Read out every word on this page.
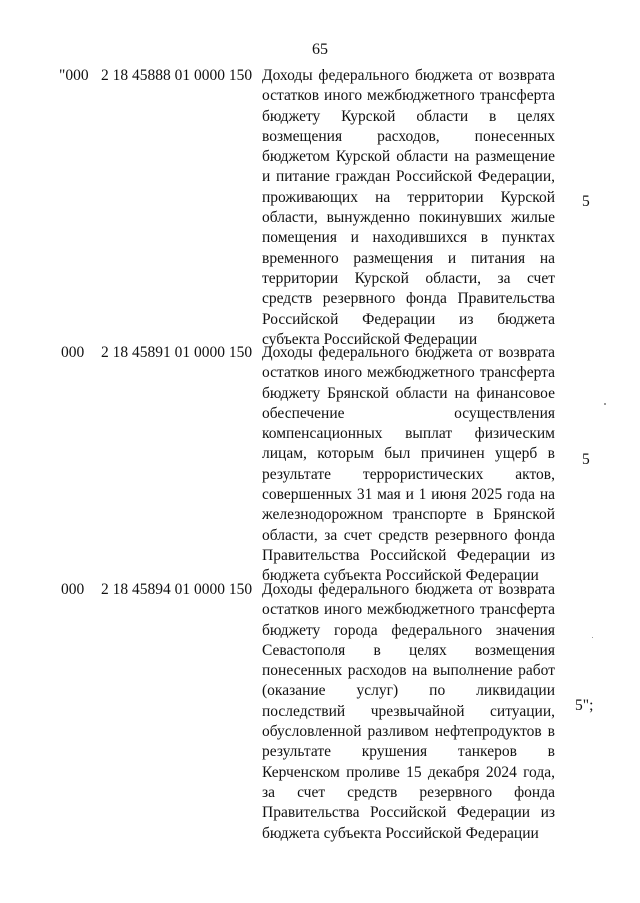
65
"000 2 18 45888 01 0000 150 Доходы федерального бюджета от возврата остатков иного межбюджетного трансферта бюджету Курской области в целях возмещения расходов, понесенных бюджетом Курской области на размещение и питание граждан Российской Федерации, проживающих на территории Курской области, вынужденно покинувших жилые помещения и находившихся в пунктах временного размещения и питания на территории Курской области, за счет средств резервного фонда Правительства Российской Федерации из бюджета субъекта Российской Федерации
5
000 2 18 45891 01 0000 150 Доходы федерального бюджета от возврата остатков иного межбюджетного трансферта бюджету Брянской области на финансовое обеспечение осуществления компенсационных выплат физическим лицам, которым был причинен ущерб в результате террористических актов, совершенных 31 мая и 1 июня 2025 года на железнодорожном транспорте в Брянской области, за счет средств резервного фонда Правительства Российской Федерации из бюджета субъекта Российской Федерации
5
000 2 18 45894 01 0000 150 Доходы федерального бюджета от возврата остатков иного межбюджетного трансферта бюджету города федерального значения Севастополя в целях возмещения понесенных расходов на выполнение работ (оказание услуг) по ликвидации последствий чрезвычайной ситуации, обусловленной разливом нефтепродуктов в результате крушения танкеров в Керченском проливе 15 декабря 2024 года, за счет средств резервного фонда Правительства Российской Федерации из бюджета субъекта Российской Федерации
5";
